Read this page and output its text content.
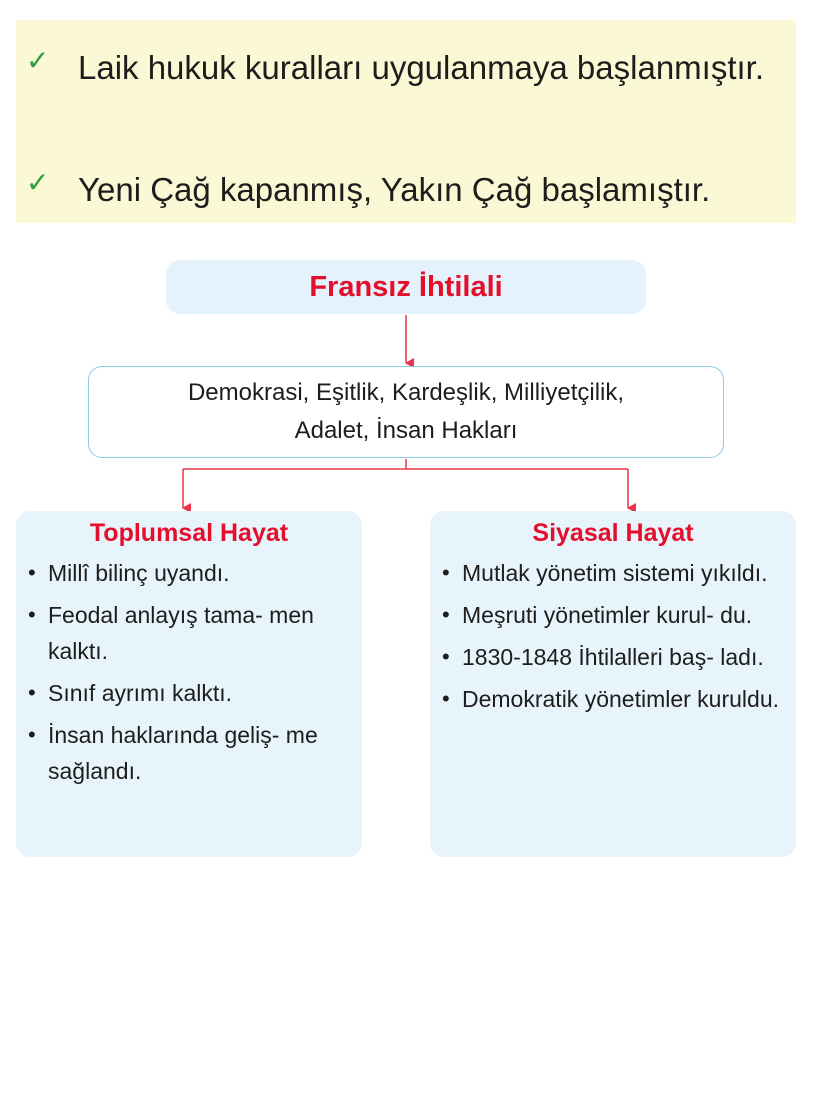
✓ Laik hukuk kuralları uygulanmaya başlanmıştır.
✓ Yeni Çağ kapanmış, Yakın Çağ başlamıştır.
Fransız İhtilali
Demokrasi, Eşitlik, Kardeşlik, Milliyetçilik,
Adalet, İnsan Hakları
Toplumsal Hayat
• Millî bilinç uyandı.
• Feodal anlayış tama- men kalktı.
• Sınıf ayrımı kalktı.
• İnsan haklarında geliş- me sağlandı.
Siyasal Hayat
• Mutlak yönetim sistemi yıkıldı.
• Meşruti yönetimler kurul- du.
• 1830-1848 İhtilalleri baş- ladı.
• Demokratik yönetimler kuruldu.
